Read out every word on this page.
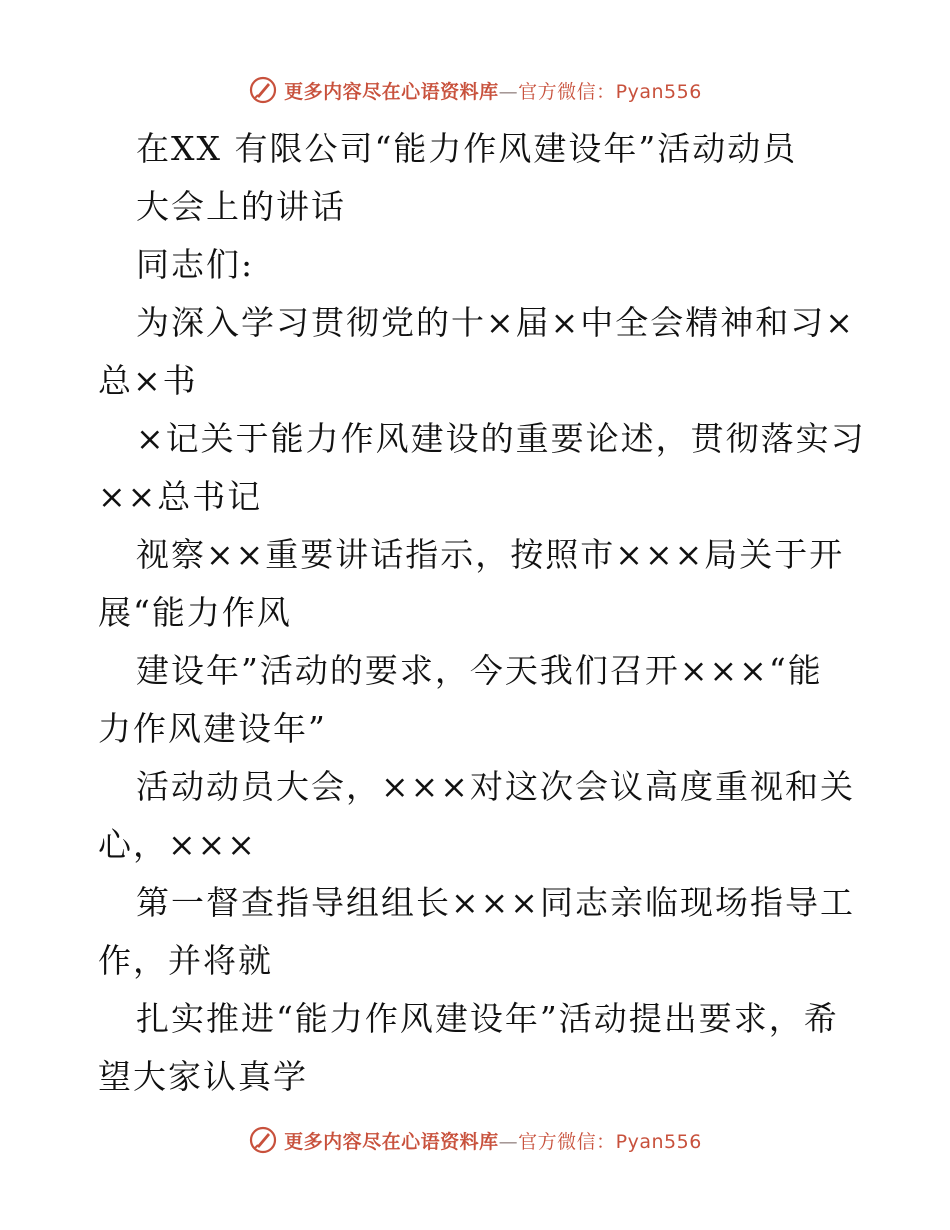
更多内容尽在心语资料库—官方微信：Pyan556
在XX 有限公司“能力作风建设年”活动动员
大会上的讲话
同志们:
为深入学习贯彻党的十×届×中全会精神和习×
总×书
×记关于能力作风建设的重要论述，贯彻落实习
××总书记
视察××重要讲话指示，按照市×××局关于开
展“能力作风
建设年”活动的要求，今天我们召开×××“能
力作风建设年”
活动动员大会，×××对这次会议高度重视和关
心，×××
第一督查指导组组长×××同志亲临现场指导工
作，并将就
扎实推进“能力作风建设年”活动提出要求，希
望大家认真学
更多内容尽在心语资料库—官方微信：Pyan556
